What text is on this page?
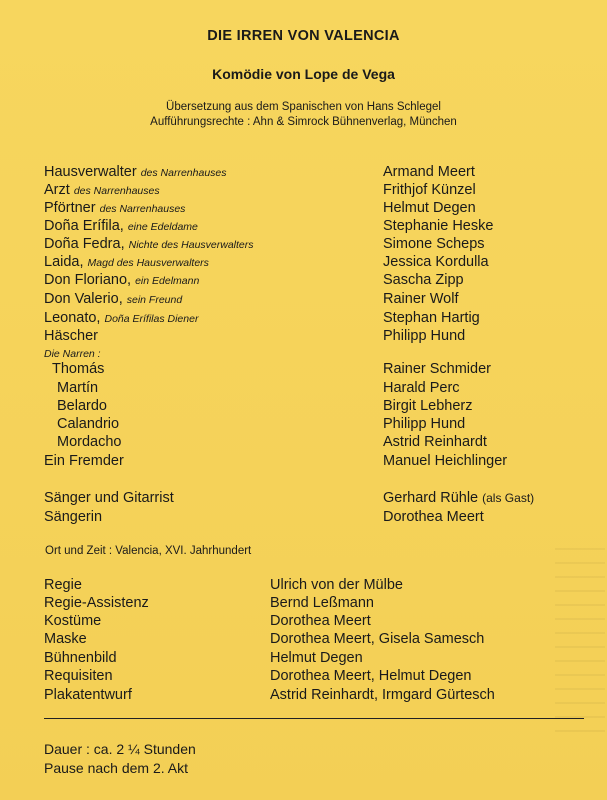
DIE IRREN VON VALENCIA
Komödie von Lope de Vega
Übersetzung aus dem Spanischen von Hans Schlegel
Aufführungsrechte : Ahn & Simrock Bühnenverlag, München
Hausverwalter des Narrenhauses
Arzt des Narrenhauses
Pförtner des Narrenhauses
Doña Erífila, eine Edeldame
Doña Fedra, Nichte des Hausverwalters
Laida, Magd des Hausverwalters
Don Floriano, ein Edelmann
Don Valerio, sein Freund
Leonato, Doña Erífilas Diener
Häscher
Die Narren :
Thomás
Martín
Belardo
Calandrio
Mordacho
Ein Fremder
Sänger und Gitarrist
Sängerin
Armand Meert
Frithjof Künzel
Helmut Degen
Stephanie Heske
Simone Scheps
Jessica Kordulla
Sascha Zipp
Rainer Wolf
Stephan Hartig
Philipp Hund
Rainer Schmider
Harald Perc
Birgit Lebherz
Philipp Hund
Astrid Reinhardt
Manuel Heichlinger
Gerhard Rühle (als Gast)
Dorothea Meert
Ort und Zeit : Valencia, XVI. Jahrhundert
Regie
Regie-Assistenz
Kostüme
Maske
Bühnenbild
Requisiten
Plakatentwurf
Ulrich von der Mülbe
Bernd Leßmann
Dorothea Meert
Dorothea Meert, Gisela Samesch
Helmut Degen
Dorothea Meert, Helmut Degen
Astrid Reinhardt, Irmgard Gürtesch
Dauer : ca. 2 ¼ Stunden
Pause nach dem 2. Akt
